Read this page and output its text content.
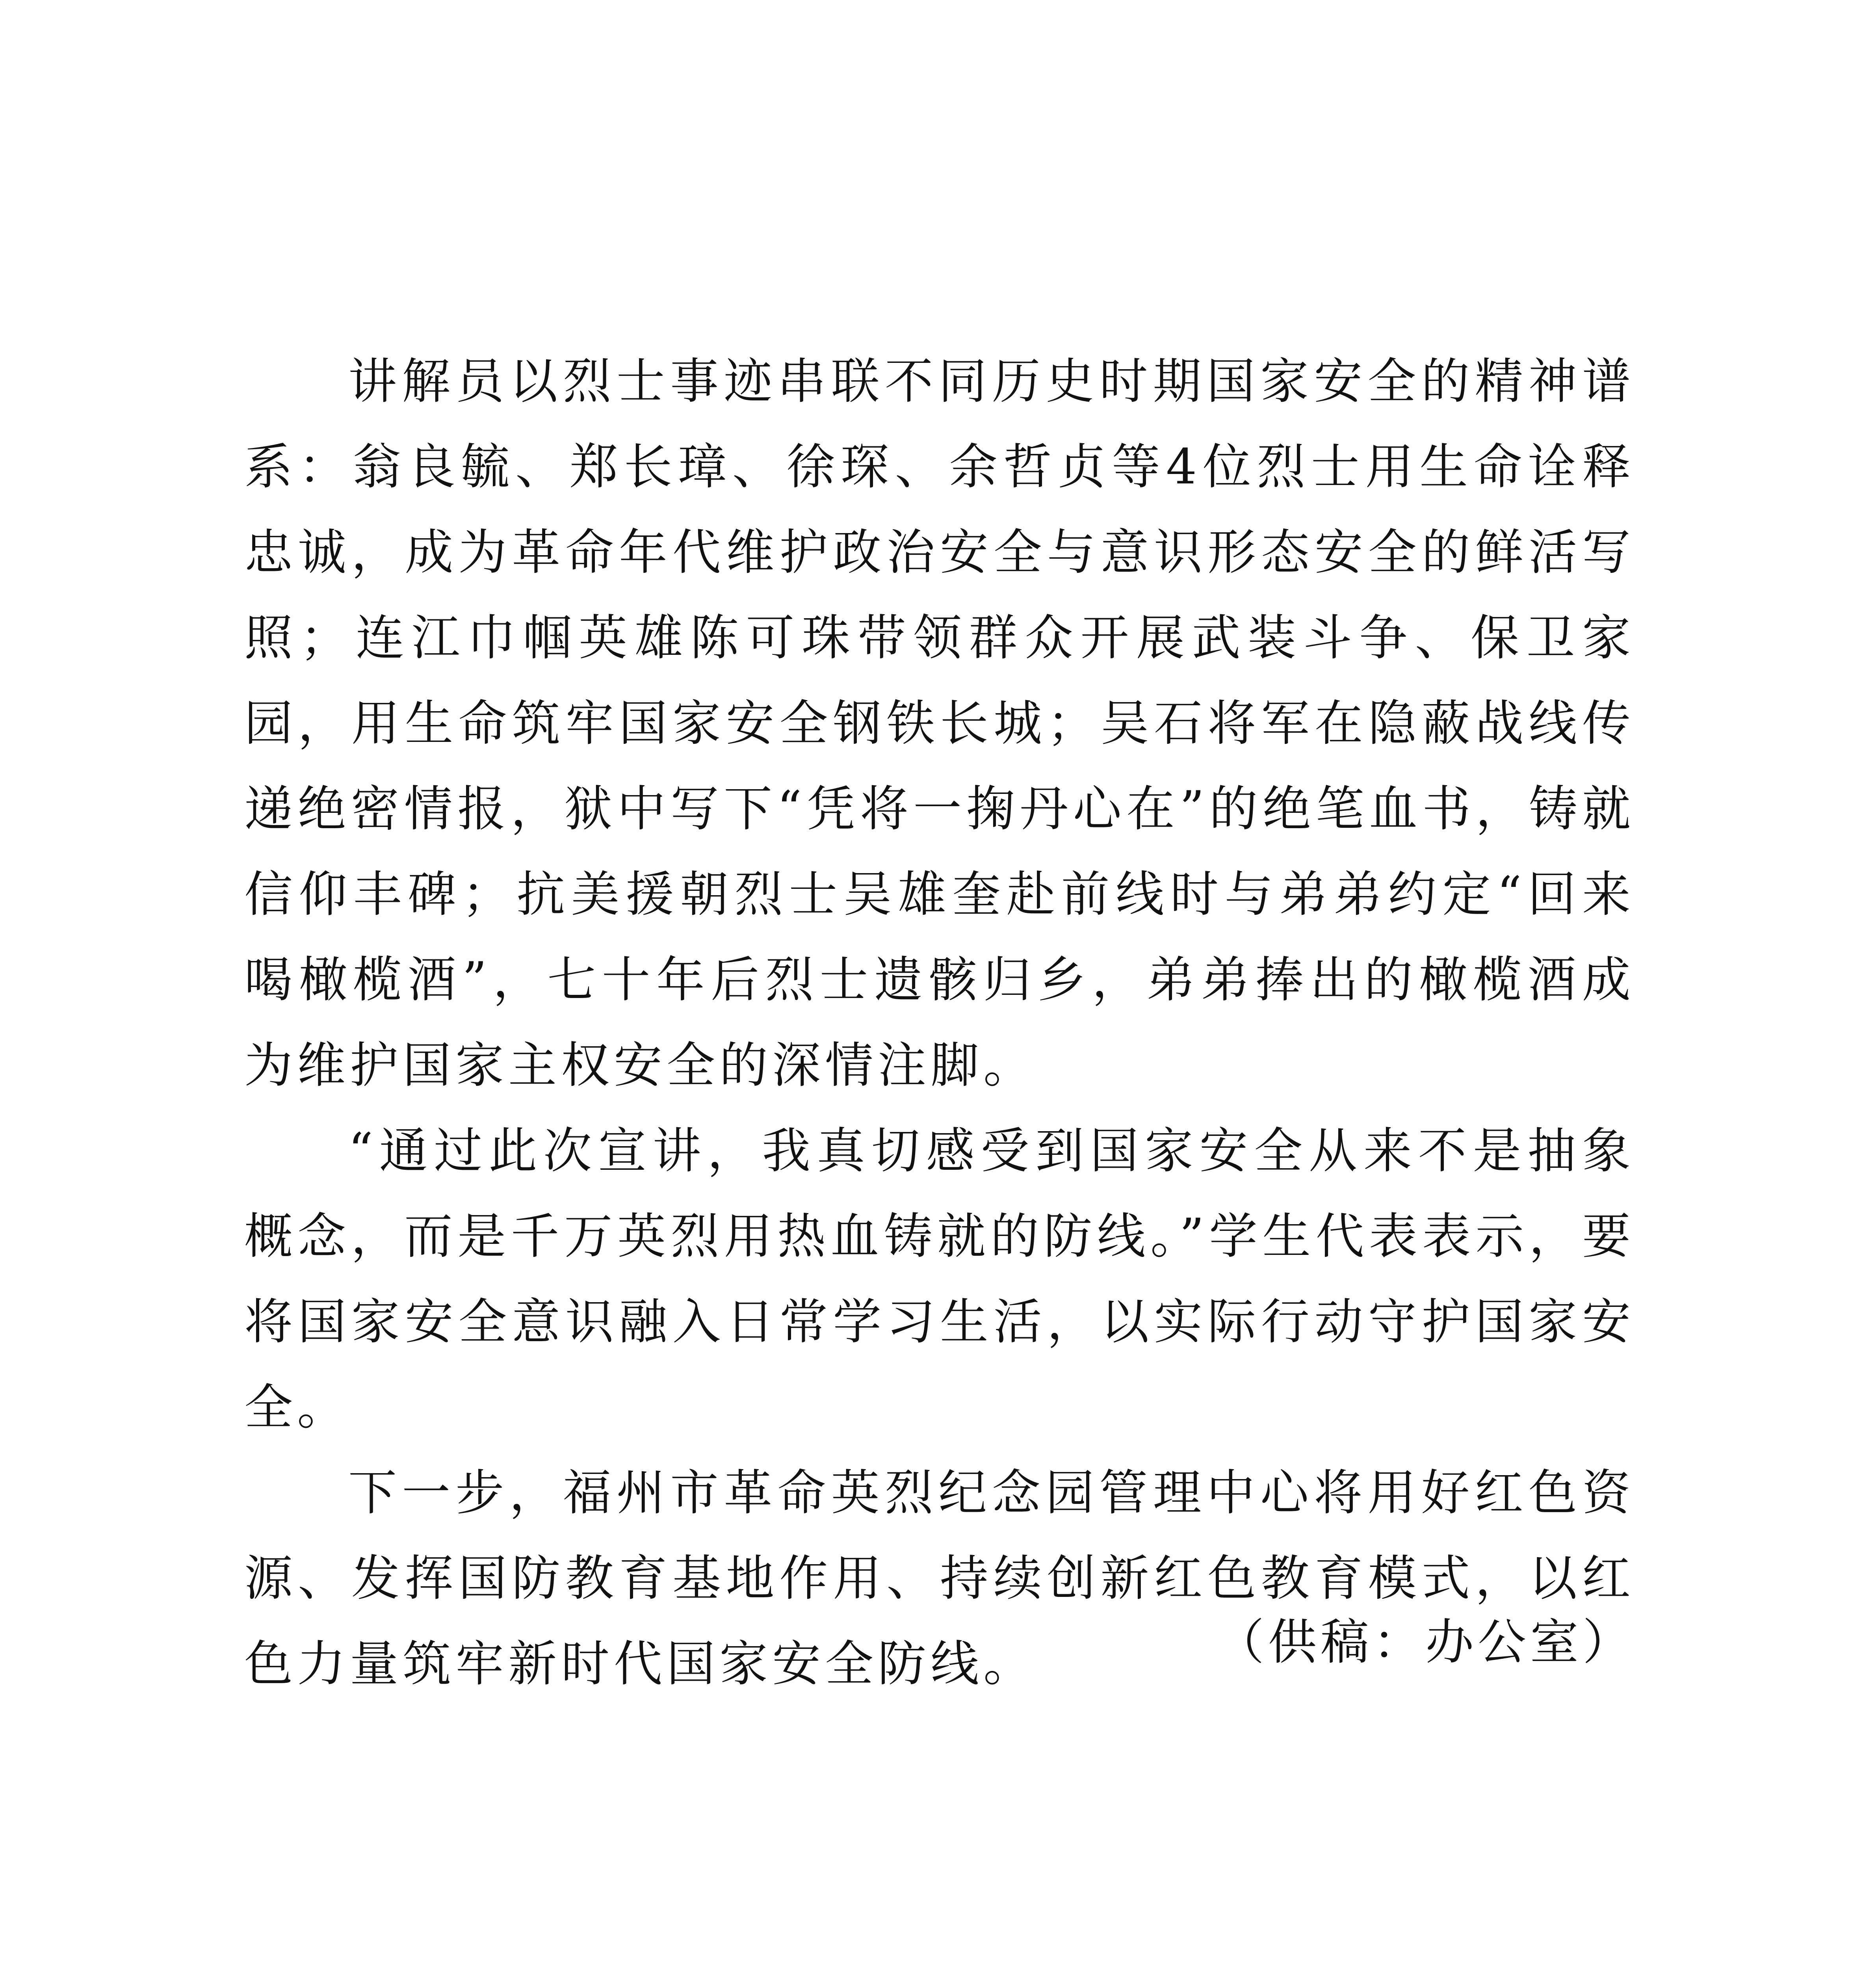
讲解员以烈士事迹串联不同历史时期国家安全的精神谱系：翁良毓、郑长璋、徐琛、余哲贞等4位烈士用生命诠释忠诚，成为革命年代维护政治安全与意识形态安全的鲜活写照；连江巾帼英雄陈可珠带领群众开展武装斗争、保卫家园，用生命筑牢国家安全钢铁长城；吴石将军在隐蔽战线传递绝密情报，狱中写下“凭将一掬丹心在”的绝笔血书，铸就信仰丰碑；抗美援朝烈士吴雄奎赴前线时与弟弟约定“回来喝橄榄酒”，七十年后烈士遗骸归乡，弟弟捧出的橄榄酒成为维护国家主权安全的深情注脚。

“通过此次宣讲，我真切感受到国家安全从来不是抽象概念，而是千万英烈用热血铸就的防线。”学生代表表示，要将国家安全意识融入日常学习生活，以实际行动守护国家安全。

下一步，福州市革命英烈纪念园管理中心将用好红色资源、发挥国防教育基地作用、持续创新红色教育模式，以红色力量筑牢新时代国家安全防线。	（供稿：办公室）
